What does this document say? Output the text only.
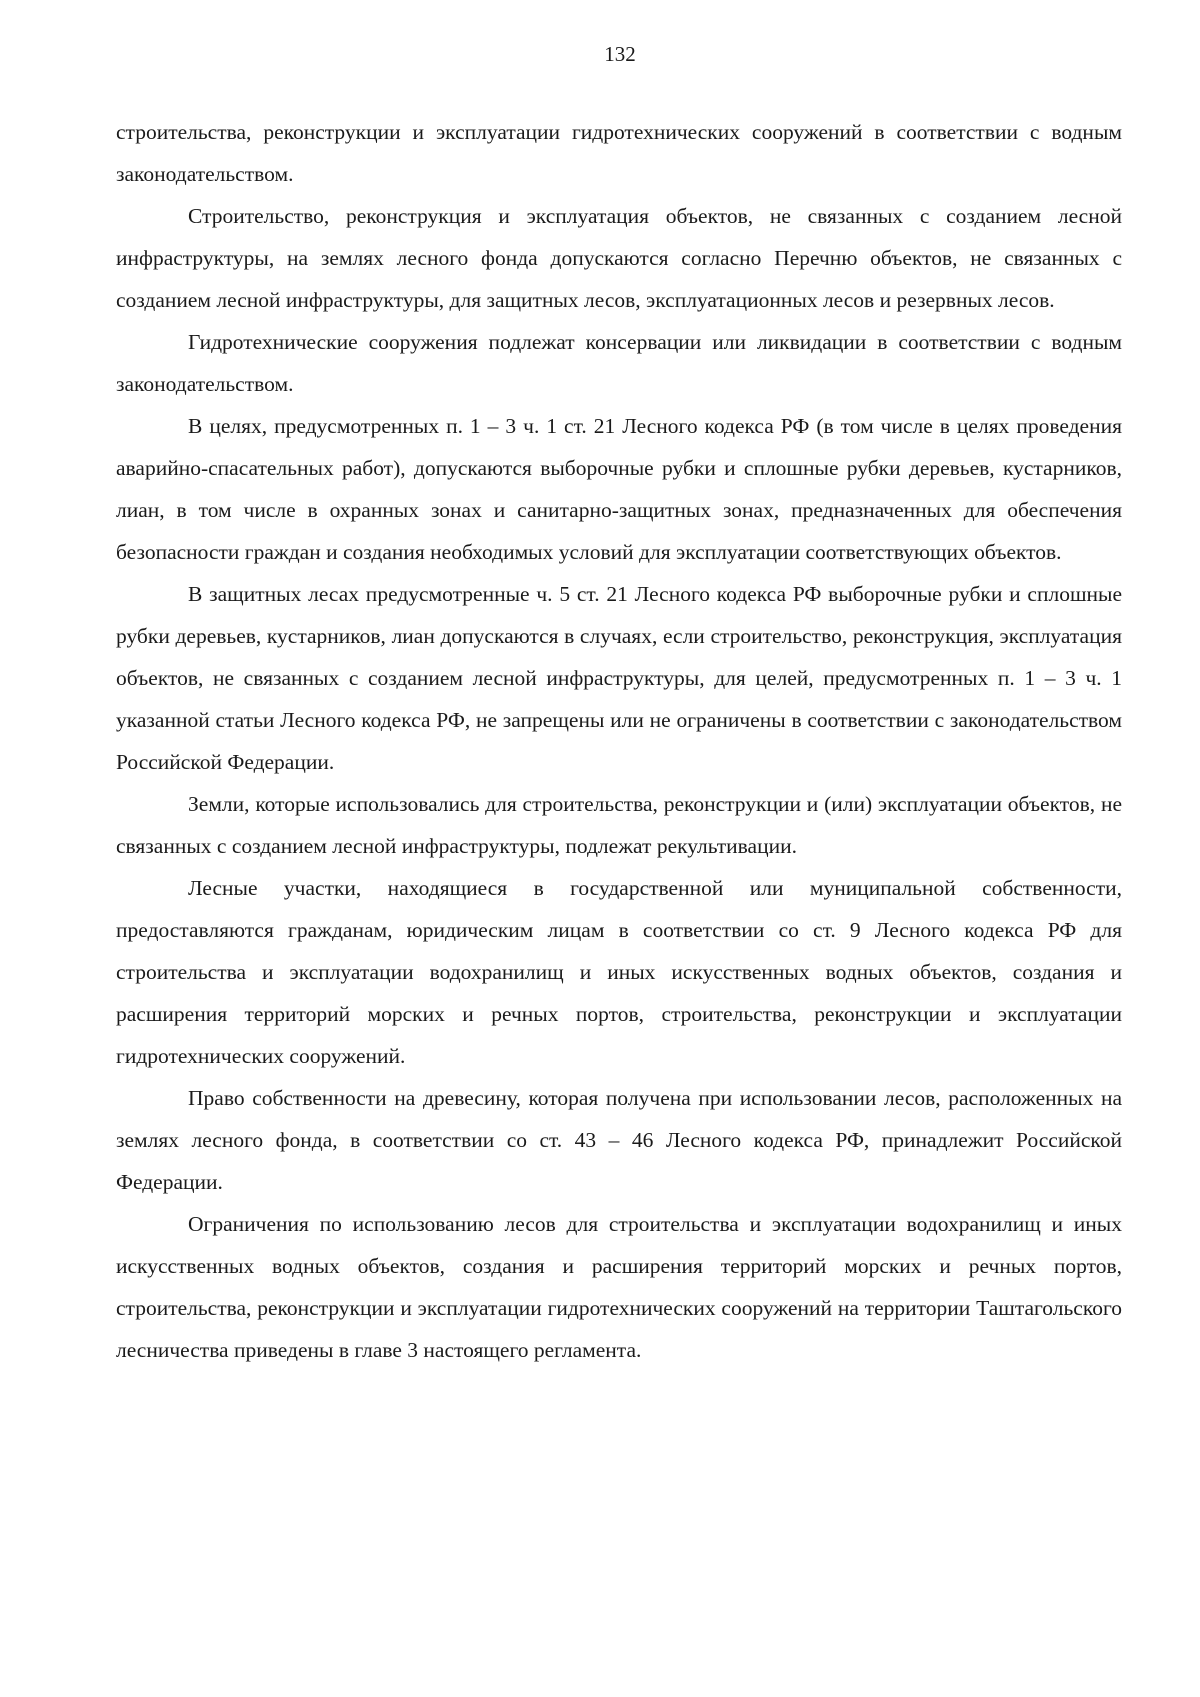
132

строительства, реконструкции и эксплуатации гидротехнических сооружений в соответствии с водным законодательством.

Строительство, реконструкция и эксплуатация объектов, не связанных с созданием лесной инфраструктуры, на землях лесного фонда допускаются согласно Перечню объектов, не связанных с созданием лесной инфраструктуры, для защитных лесов, эксплуатационных лесов и резервных лесов.

Гидротехнические сооружения подлежат консервации или ликвидации в соответствии с водным законодательством.

В целях, предусмотренных п. 1 – 3 ч. 1 ст. 21 Лесного кодекса РФ (в том числе в целях проведения аварийно-спасательных работ), допускаются выборочные рубки и сплошные рубки деревьев, кустарников, лиан, в том числе в охранных зонах и санитарно-защитных зонах, предназначенных для обеспечения безопасности граждан и создания необходимых условий для эксплуатации соответствующих объектов.

В защитных лесах предусмотренные ч. 5 ст. 21 Лесного кодекса РФ выборочные рубки и сплошные рубки деревьев, кустарников, лиан допускаются в случаях, если строительство, реконструкция, эксплуатация объектов, не связанных с созданием лесной инфраструктуры, для целей, предусмотренных п. 1 – 3 ч. 1 указанной статьи Лесного кодекса РФ, не запрещены или не ограничены в соответствии с законодательством Российской Федерации.

Земли, которые использовались для строительства, реконструкции и (или) эксплуатации объектов, не связанных с созданием лесной инфраструктуры, подлежат рекультивации.

Лесные участки, находящиеся в государственной или муниципальной собственности, предоставляются гражданам, юридическим лицам в соответствии со ст. 9 Лесного кодекса РФ для строительства и эксплуатации водохранилищ и иных искусственных водных объектов, создания и расширения территорий морских и речных портов, строительства, реконструкции и эксплуатации гидротехнических сооружений.

Право собственности на древесину, которая получена при использовании лесов, расположенных на землях лесного фонда, в соответствии со ст. 43 – 46 Лесного кодекса РФ, принадлежит Российской Федерации.

Ограничения по использованию лесов для строительства и эксплуатации водохранилищ и иных искусственных водных объектов, создания и расширения территорий морских и речных портов, строительства, реконструкции и эксплуатации гидротехнических сооружений на территории Таштагольского лесничества приведены в главе 3 настоящего регламента.
